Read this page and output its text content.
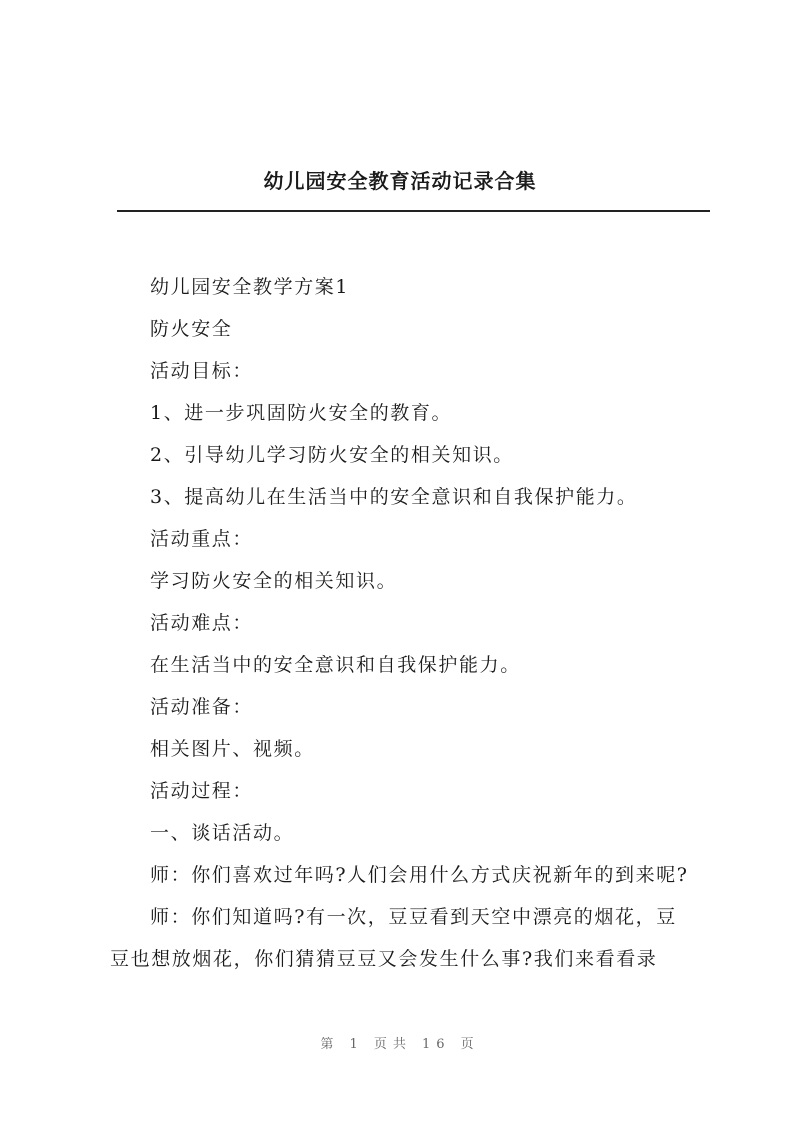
幼儿园安全教育活动记录合集
幼儿园安全教学方案1
防火安全
活动目标：
1、进一步巩固防火安全的教育。
2、引导幼儿学习防火安全的相关知识。
3、提高幼儿在生活当中的安全意识和自我保护能力。
活动重点：
学习防火安全的相关知识。
活动难点：
在生活当中的安全意识和自我保护能力。
活动准备：
相关图片、视频。
活动过程：
一、谈话活动。
师：你们喜欢过年吗?人们会用什么方式庆祝新年的到来呢?
师：你们知道吗?有一次，豆豆看到天空中漂亮的烟花，豆
豆也想放烟花，你们猜猜豆豆又会发生什么事?我们来看看录
第 1 页共 16 页
